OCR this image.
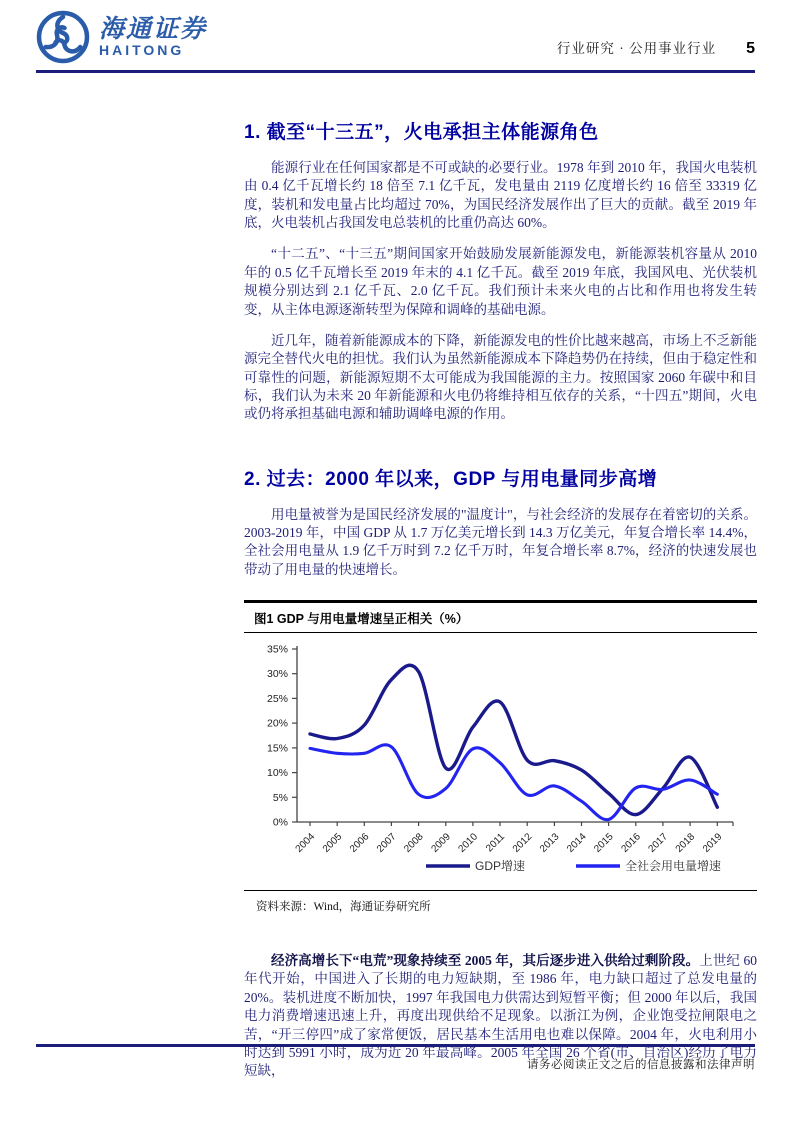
海通证券
HAITONG	行业研究 · 公用事业行业 5
1. 截至“十三五”，火电承担主体能源角色

能源行业在任何国家都是不可或缺的必要行业。1978 年到 2010 年，我国火电装机由 0.4 亿千瓦增长约 18 倍至 7.1 亿千瓦，发电量由 2119 亿度增长约 16 倍至 33319 亿度，装机和发电量占比均超过 70%，为国民经济发展作出了巨大的贡献。截至 2019 年底，火电装机占我国发电总装机的比重仍高达 60%。

“十二五”、“十三五”期间国家开始鼓励发展新能源发电，新能源装机容量从 2010 年的 0.5 亿千瓦增长至 2019 年末的 4.1 亿千瓦。截至 2019 年底，我国风电、光伏装机规模分别达到 2.1 亿千瓦、2.0 亿千瓦。我们预计未来火电的占比和作用也将发生转变，从主体电源逐渐转型为保障和调峰的基础电源。

近几年，随着新能源成本的下降，新能源发电的性价比越来越高，市场上不乏新能源完全替代火电的担忧。我们认为虽然新能源成本下降趋势仍在持续，但由于稳定性和可靠性的问题，新能源短期不太可能成为我国能源的主力。按照国家 2060 年碳中和目标，我们认为未来 20 年新能源和火电仍将维持相互依存的关系，“十四五”期间，火电或仍将承担基础电源和辅助调峰电源的作用。

2. 过去：2000 年以来，GDP 与用电量同步高增

用电量被誉为是国民经济发展的"温度计"，与社会经济的发展存在着密切的关系。2003-2019 年，中国 GDP 从 1.7 万亿美元增长到 14.3 万亿美元，年复合增长率 14.4%，全社会用电量从 1.9 亿千万时到 7.2 亿千万时，年复合增长率 8.7%，经济的快速发展也带动了用电量的快速增长。

图1 GDP 与用电量增速呈正相关（%）
0%
5%
10%
15%
20%
25%
30%
35%
2004 2005 2006 2007 2008 2009 2010 2011 2012 2013 2014 2015 2016 2017 2018 2019
GDP增速	全社会用电量增速
资料来源：Wind，海通证券研究所

经济高增长下“电荒”现象持续至 2005 年，其后逐步进入供给过剩阶段。上世纪 60 年代开始，中国进入了长期的电力短缺期，至 1986 年，电力缺口超过了总发电量的 20%。装机进度不断加快，1997 年我国电力供需达到短暂平衡；但 2000 年以后，我国电力消费增速迅速上升，再度出现供给不足现象。以浙江为例，企业饱受拉闸限电之苦，“开三停四”成了家常便饭，居民基本生活用电也难以保障。2004 年，火电利用小时达到 5991 小时，成为近 20 年最高峰。2005 年全国 26 个省(市、自治区)经历了电力短缺，	请务必阅读正文之后的信息披露和法律声明
